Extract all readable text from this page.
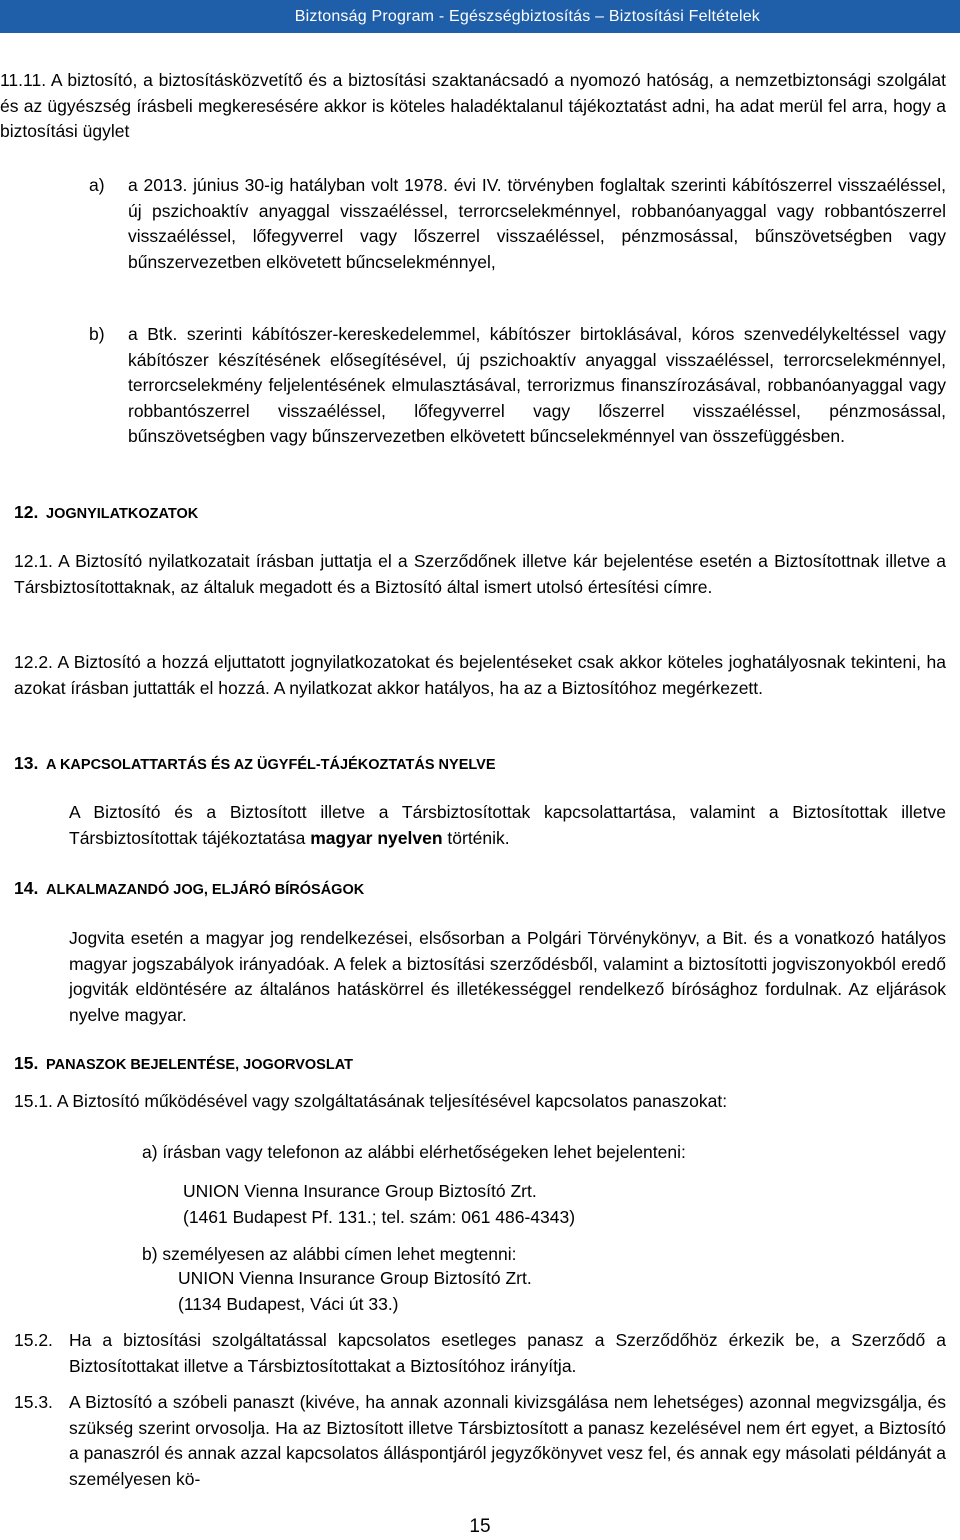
Biztonság Program - Egészségbiztosítás – Biztosítási Feltételek
11.11. A biztosító, a biztosításközvetítő és a biztosítási szaktanácsadó a nyomozó hatóság, a nemzetbiztonsági szolgálat és az ügyészség írásbeli megkeresésére akkor is köteles haladéktalanul tájékoztatást adni, ha adat merül fel arra, hogy a biztosítási ügylet
a) a 2013. június 30-ig hatályban volt 1978. évi IV. törvényben foglaltak szerinti kábítószerrel visszaéléssel, új pszichoaktív anyaggal visszaéléssel, terrorcselekménnyel, robbanóanyaggal vagy robbantószerrel visszaéléssel, lőfegyverrel vagy lőszerrel visszaéléssel, pénzmosással, bűnszövetségben vagy bűnszervezetben elkövetett bűncselekménnyel,
b) a Btk. szerinti kábítószer-kereskedelemmel, kábítószer birtoklásával, kóros szenvedélykeltéssel vagy kábítószer készítésének elősegítésével, új pszichoaktív anyaggal visszaéléssel, terrorcselekménnyel, terrorcselekmény feljelentésének elmulasztásával, terrorizmus finanszírozásával, robbanóanyaggal vagy robbantószerrel visszaéléssel, lőfegyverrel vagy lőszerrel visszaéléssel, pénzmosással, bűnszövetségben vagy bűnszervezetben elkövetett bűncselekménnyel van összefüggésben.
12. JOGNYILATKOZATOK
12.1. A Biztosító nyilatkozatait írásban juttatja el a Szerződőnek illetve kár bejelentése esetén a Biztosítottnak illetve a Társbiztosítottaknak, az általuk megadott és a Biztosító által ismert utolsó értesítési címre.
12.2. A Biztosító a hozzá eljuttatott jognyilatkozatokat és bejelentéseket csak akkor köteles joghatályosnak tekinteni, ha azokat írásban juttatták el hozzá. A nyilatkozat akkor hatályos, ha az a Biztosítóhoz megérkezett.
13. A KAPCSOLATTARTÁS ÉS AZ ÜGYFÉL-TÁJÉKOZTATÁS NYELVE
A Biztosító és a Biztosított illetve a Társbiztosítottak kapcsolattartása, valamint a Biztosítottak illetve Társbiztosítottak tájékoztatása magyar nyelven történik.
14. ALKALMAZANDÓ JOG, ELJÁRÓ BÍRÓSÁGOK
Jogvita esetén a magyar jog rendelkezései, elsősorban a Polgári Törvénykönyv, a Bit. és a vonatkozó hatályos magyar jogszabályok irányadóak. A felek a biztosítási szerződésből, valamint a biztosítotti jogviszonyokból eredő jogviták eldöntésére az általános hatáskörrel és illetékességgel rendelkező bírósághoz fordulnak. Az eljárások nyelve magyar.
15. PANASZOK BEJELENTÉSE, JOGORVOSLAT
15.1. A Biztosító működésével vagy szolgáltatásának teljesítésével kapcsolatos panaszokat:
a) írásban vagy telefonon az alábbi elérhetőségeken lehet bejelenteni:
UNION Vienna Insurance Group Biztosító Zrt.
(1461 Budapest Pf. 131.; tel. szám: 061 486-4343)
b) személyesen az alábbi címen lehet megtenni:
UNION Vienna Insurance Group Biztosító Zrt.
(1134 Budapest, Váci út 33.)
15.2. Ha a biztosítási szolgáltatással kapcsolatos esetleges panasz a Szerződőhöz érkezik be, a Szerződő a Biztosítottakat illetve a Társbiztosítottakat a Biztosítóhoz irányítja.
15.3. A Biztosító a szóbeli panaszt (kivéve, ha annak azonnali kivizsgálása nem lehetséges) azonnal megvizsgálja, és szükség szerint orvosolja. Ha az Biztosított illetve Társbiztosított a panasz kezelésével nem ért egyet, a Biztosító a panaszról és annak azzal kapcsolatos álláspontjáról jegyzőkönyvet vesz fel, és annak egy másolati példányát a személyesen kö-
15
